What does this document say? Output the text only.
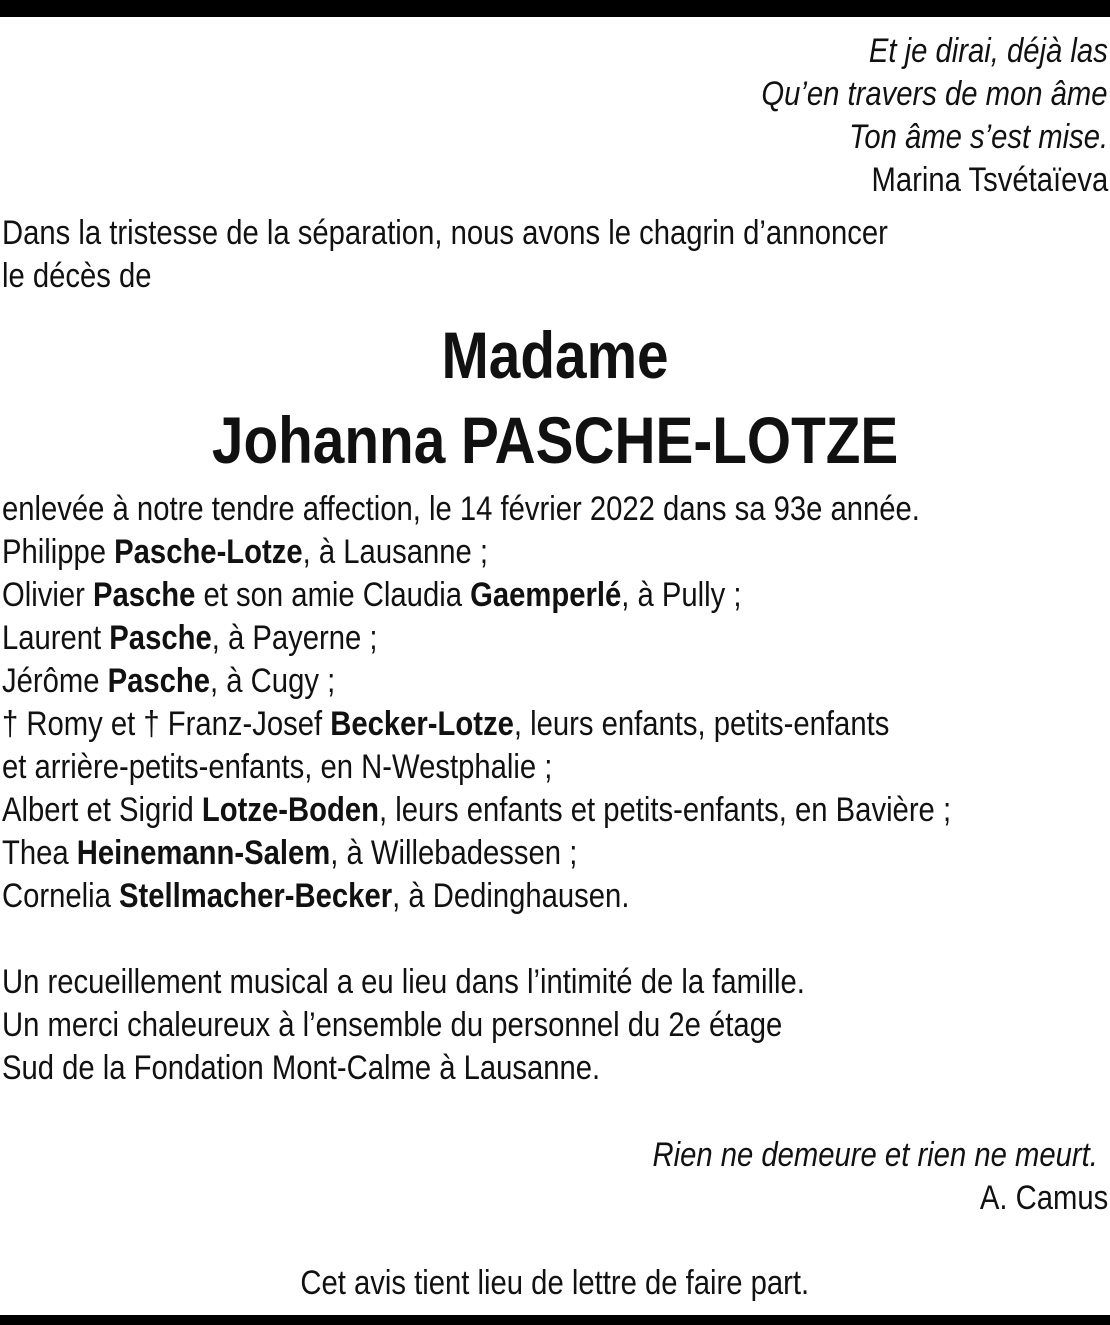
Et je dirai, déjà las
Qu’en travers de mon âme
Ton âme s’est mise.
Marina Tsvétaïeva
Dans la tristesse de la séparation, nous avons le chagrin d’annoncer
le décès de
Madame
Johanna PASCHE-LOTZE
enlevée à notre tendre affection, le 14 février 2022 dans sa 93e année.
Philippe Pasche-Lotze, à Lausanne ;
Olivier Pasche et son amie Claudia Gaemperlé, à Pully ;
Laurent Pasche, à Payerne ;
Jérôme Pasche, à Cugy ;
† Romy et † Franz-Josef Becker-Lotze, leurs enfants, petits-enfants
et arrière-petits-enfants, en N-Westphalie ;
Albert et Sigrid Lotze-Boden, leurs enfants et petits-enfants, en Bavière ;
Thea Heinemann-Salem, à Willebadessen ;
Cornelia Stellmacher-Becker, à Dedinghausen.
Un recueillement musical a eu lieu dans l’intimité de la famille.
Un merci chaleureux à l’ensemble du personnel du 2e étage
Sud de la Fondation Mont-Calme à Lausanne.
Rien ne demeure et rien ne meurt.
A. Camus
Cet avis tient lieu de lettre de faire part.
